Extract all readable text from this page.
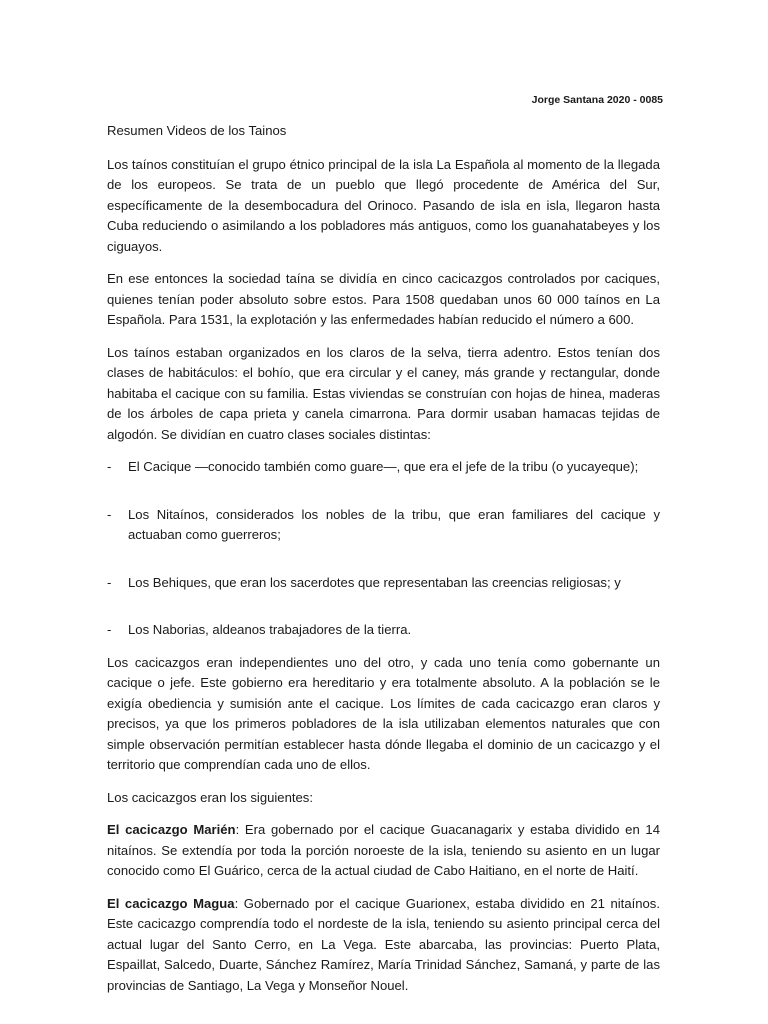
Jorge Santana 2020 - 0085
Resumen Videos de los Tainos

Los taínos constituían el grupo étnico principal de la isla La Española al momento de la llegada de los europeos. Se trata de un pueblo que llegó procedente de América del Sur, específicamente de la desembocadura del Orinoco. Pasando de isla en isla, llegaron hasta Cuba reduciendo o asimilando a los pobladores más antiguos, como los guanahatabeyes y los ciguayos.

En ese entonces la sociedad taína se dividía en cinco cacicazgos controlados por caciques, quienes tenían poder absoluto sobre estos. Para 1508 quedaban unos 60 000 taínos en La Española. Para 1531, la explotación y las enfermedades habían reducido el número a 600.

Los taínos estaban organizados en los claros de la selva, tierra adentro. Estos tenían dos clases de habitáculos: el bohío, que era circular y el caney, más grande y rectangular, donde habitaba el cacique con su familia. Estas viviendas se construían con hojas de hinea, maderas de los árboles de capa prieta y canela cimarrona. Para dormir usaban hamacas tejidas de algodón. Se dividían en cuatro clases sociales distintas:

- El Cacique —conocido también como guare—, que era el jefe de la tribu (o yucayeque);
- Los Nitaínos, considerados los nobles de la tribu, que eran familiares del cacique y actuaban como guerreros;
- Los Behiques, que eran los sacerdotes que representaban las creencias religiosas; y
- Los Naborias, aldeanos trabajadores de la tierra.

Los cacicazgos eran independientes uno del otro, y cada uno tenía como gobernante un cacique o jefe. Este gobierno era hereditario y era totalmente absoluto. A la población se le exigía obediencia y sumisión ante el cacique. Los límites de cada cacicazgo eran claros y precisos, ya que los primeros pobladores de la isla utilizaban elementos naturales que con simple observación permitían establecer hasta dónde llegaba el dominio de un cacicazgo y el territorio que comprendían cada uno de ellos.

Los cacicazgos eran los siguientes:

El cacicazgo Marién: Era gobernado por el cacique Guacanagarix y estaba dividido en 14 nitaínos. Se extendía por toda la porción noroeste de la isla, teniendo su asiento en un lugar conocido como El Guárico, cerca de la actual ciudad de Cabo Haitiano, en el norte de Haití.

El cacicazgo Magua: Gobernado por el cacique Guarionex, estaba dividido en 21 nitaínos. Este cacicazgo comprendía todo el nordeste de la isla, teniendo su asiento principal cerca del actual lugar del Santo Cerro, en La Vega. Este abarcaba, las provincias: Puerto Plata, Espaillat, Salcedo, Duarte, Sánchez Ramírez, María Trinidad Sánchez, Samaná, y parte de las provincias de Santiago, La Vega y Monseñor Nouel.
